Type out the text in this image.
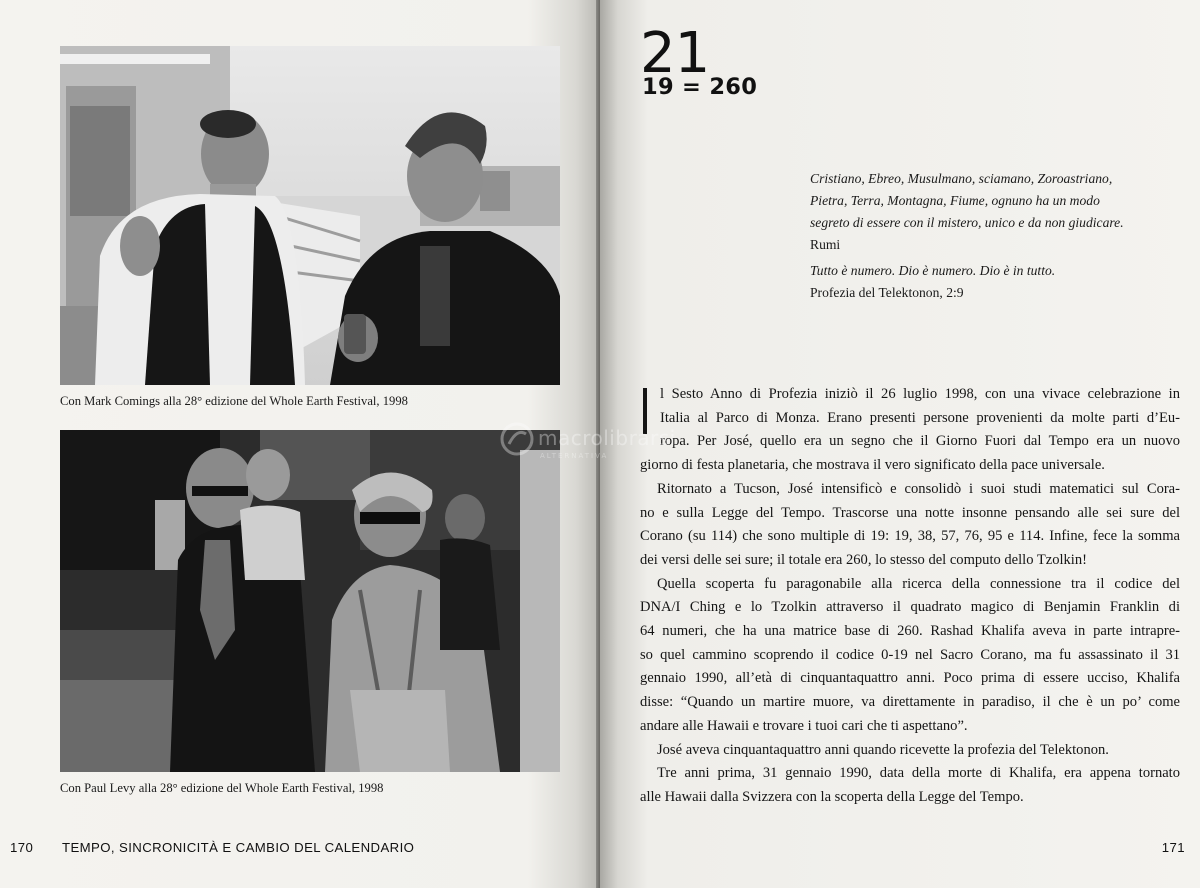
Con Mark Comings alla 28° edizione del Whole Earth Festival, 1998
Con Paul Levy alla 28° edizione del Whole Earth Festival, 1998
170 TEMPO, SINCRONICITÀ E CAMBIO DEL CALENDARIO
21
19 = 260
Cristiano, Ebreo, Musulmano, sciamano, Zoroastriano,
Pietra, Terra, Montagna, Fiume, ognuno ha un modo
segreto di essere con il mistero, unico e da non giudicare.
Rumi
Tutto è numero. Dio è numero. Dio è in tutto.
Profezia del Telektonon, 2:9
l Sesto Anno di Profezia iniziò il 26 luglio 1998, con una vivace celebrazione in
Italia al Parco di Monza. Erano presenti persone provenienti da molte parti d’Eu-
ropa. Per José, quello era un segno che il Giorno Fuori dal Tempo era un nuovo
giorno di festa planetaria, che mostrava il vero significato della pace universale.
Ritornato a Tucson, José intensificò e consolidò i suoi studi matematici sul Cora-
no e sulla Legge del Tempo. Trascorse una notte insonne pensando alle sei sure del
Corano (su 114) che sono multiple di 19: 19, 38, 57, 76, 95 e 114. Infine, fece la somma
dei versi delle sei sure; il totale era 260, lo stesso del computo dello Tzolkin!
Quella scoperta fu paragonabile alla ricerca della connessione tra il codice del
DNA/I Ching e lo Tzolkin attraverso il quadrato magico di Benjamin Franklin di
64 numeri, che ha una matrice base di 260. Rashad Khalifa aveva in parte intrapre-
so quel cammino scoprendo il codice 0-19 nel Sacro Corano, ma fu assassinato il 31
gennaio 1990, all’età di cinquantaquattro anni. Poco prima di essere ucciso, Khalifa
disse: “Quando un martire muore, va direttamente in paradiso, il che è un po’ come
andare alle Hawaii e trovare i tuoi cari che ti aspettano”.
José aveva cinquantaquattro anni quando ricevette la profezia del Telektonon.
Tre anni prima, 31 gennaio 1990, data della morte di Khalifa, era appena tornato
alle Hawaii dalla Svizzera con la scoperta della Legge del Tempo.
171
macrolibrarsi
ALTERNATIVA
